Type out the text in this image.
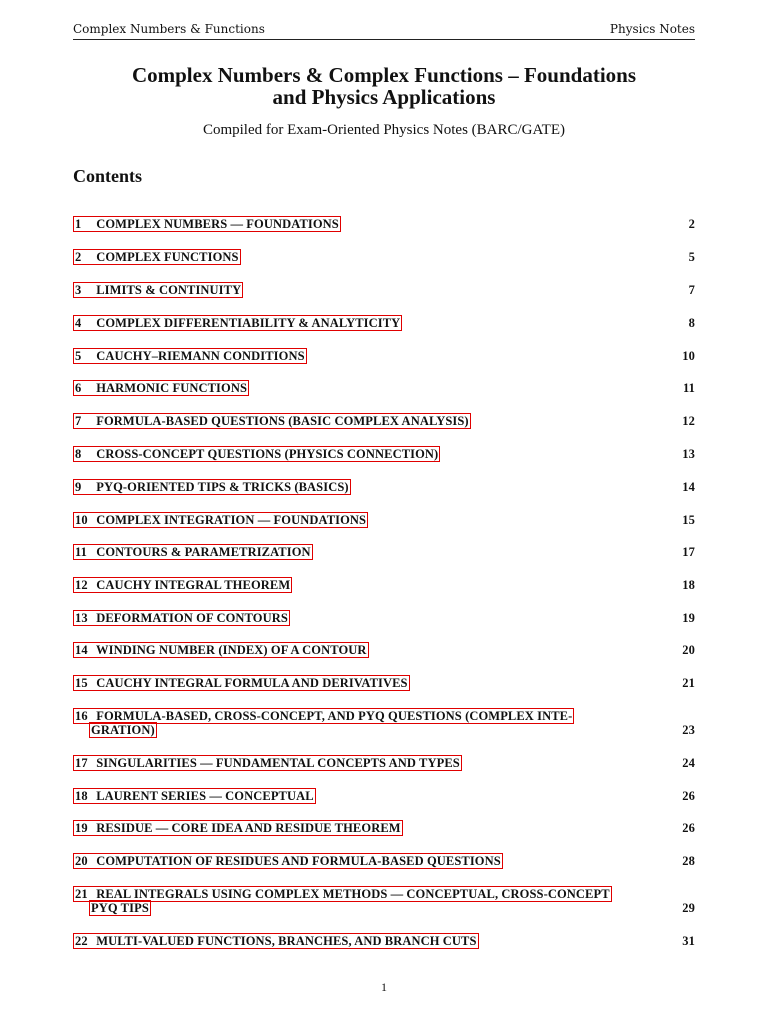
Complex Numbers & Functions	Physics Notes
Complex Numbers & Complex Functions – Foundations
and Physics Applications
Compiled for Exam-Oriented Physics Notes (BARC/GATE)
Contents
1 COMPLEX NUMBERS — FOUNDATIONS	2
2 COMPLEX FUNCTIONS	5
3 LIMITS & CONTINUITY	7
4 COMPLEX DIFFERENTIABILITY & ANALYTICITY	8
5 CAUCHY–RIEMANN CONDITIONS	10
6 HARMONIC FUNCTIONS	11
7 FORMULA-BASED QUESTIONS (BASIC COMPLEX ANALYSIS)	12
8 CROSS-CONCEPT QUESTIONS (PHYSICS CONNECTION)	13
9 PYQ-ORIENTED TIPS & TRICKS (BASICS)	14
10 COMPLEX INTEGRATION — FOUNDATIONS	15
11 CONTOURS & PARAMETRIZATION	17
12 CAUCHY INTEGRAL THEOREM	18
13 DEFORMATION OF CONTOURS	19
14 WINDING NUMBER (INDEX) OF A CONTOUR	20
15 CAUCHY INTEGRAL FORMULA AND DERIVATIVES	21
16 FORMULA-BASED, CROSS-CONCEPT, AND PYQ QUESTIONS (COMPLEX INTE-
GRATION)	23
17 SINGULARITIES — FUNDAMENTAL CONCEPTS AND TYPES	24
18 LAURENT SERIES — CONCEPTUAL	26
19 RESIDUE — CORE IDEA AND RESIDUE THEOREM	26
20 COMPUTATION OF RESIDUES AND FORMULA-BASED QUESTIONS	28
21 REAL INTEGRALS USING COMPLEX METHODS — CONCEPTUAL, CROSS-CONCEPT
PYQ TIPS	29
22 MULTI-VALUED FUNCTIONS, BRANCHES, AND BRANCH CUTS	31
1
